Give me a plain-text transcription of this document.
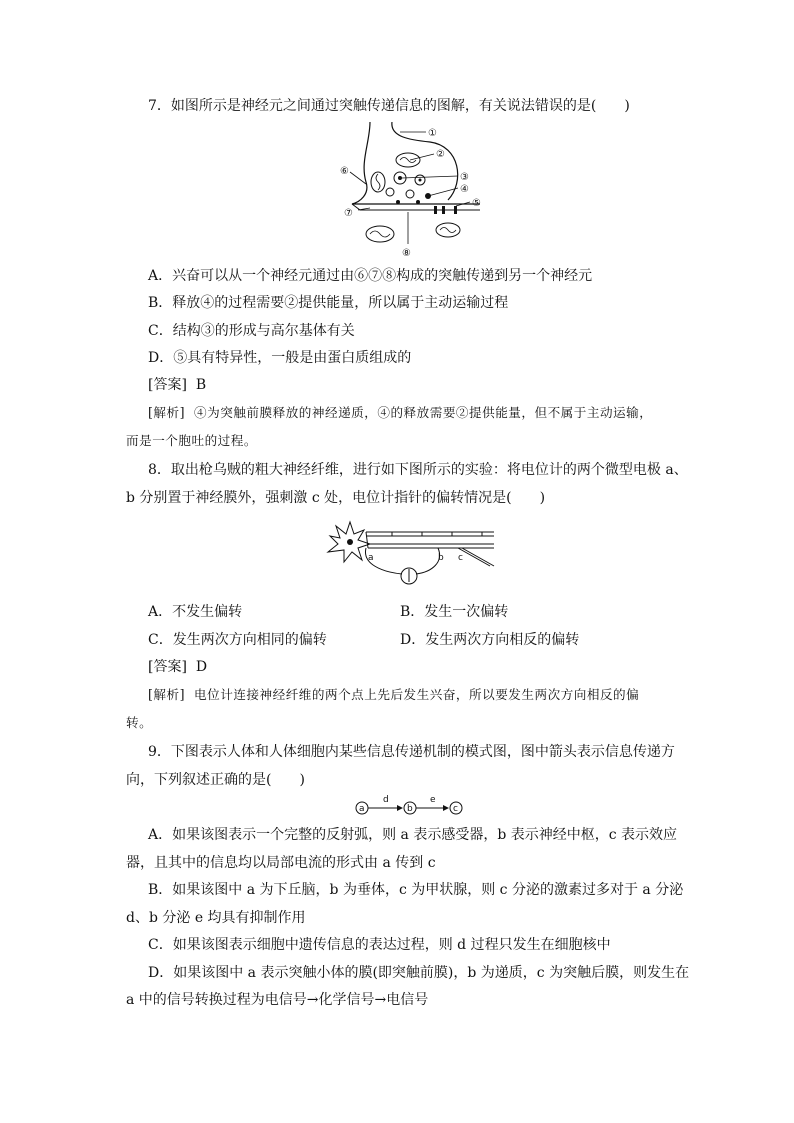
7．如图所示是神经元之间通过突触传递信息的图解，有关说法错误的是(　　)
①
②
③
④
⑤
⑥
⑦
⑧
A．兴奋可以从一个神经元通过由⑥⑦⑧构成的突触传递到另一个神经元
B．释放④的过程需要②提供能量，所以属于主动运输过程
C．结构③的形成与高尔基体有关
D．⑤具有特异性，一般是由蛋白质组成的
[答案] B
[解析] ④为突触前膜释放的神经递质，④的释放需要②提供能量，但不属于主动运输，
而是一个胞吐的过程。
8．取出枪乌贼的粗大神经纤维，进行如下图所示的实验：将电位计的两个微型电极 a、
b 分别置于神经膜外，强刺激 c 处，电位计指针的偏转情况是(　　)
a	b c
A．不发生偏转	B．发生一次偏转
C．发生两次方向相同的偏转	D．发生两次方向相反的偏转
[答案] D
[解析] 电位计连接神经纤维的两个点上先后发生兴奋，所以要发生两次方向相反的偏
转。
9．下图表示人体和人体细胞内某些信息传递机制的模式图，图中箭头表示信息传递方
向，下列叙述正确的是(　　)
a	b	c
d	e
A．如果该图表示一个完整的反射弧，则 a 表示感受器，b 表示神经中枢，c 表示效应
器，且其中的信息均以局部电流的形式由 a 传到 c
B．如果该图中 a 为下丘脑，b 为垂体，c 为甲状腺，则 c 分泌的激素过多对于 a 分泌
d、b 分泌 e 均具有抑制作用
C．如果该图表示细胞中遗传信息的表达过程，则 d 过程只发生在细胞核中
D．如果该图中 a 表示突触小体的膜(即突触前膜)，b 为递质，c 为突触后膜，则发生在
a 中的信号转换过程为电信号→化学信号→电信号
